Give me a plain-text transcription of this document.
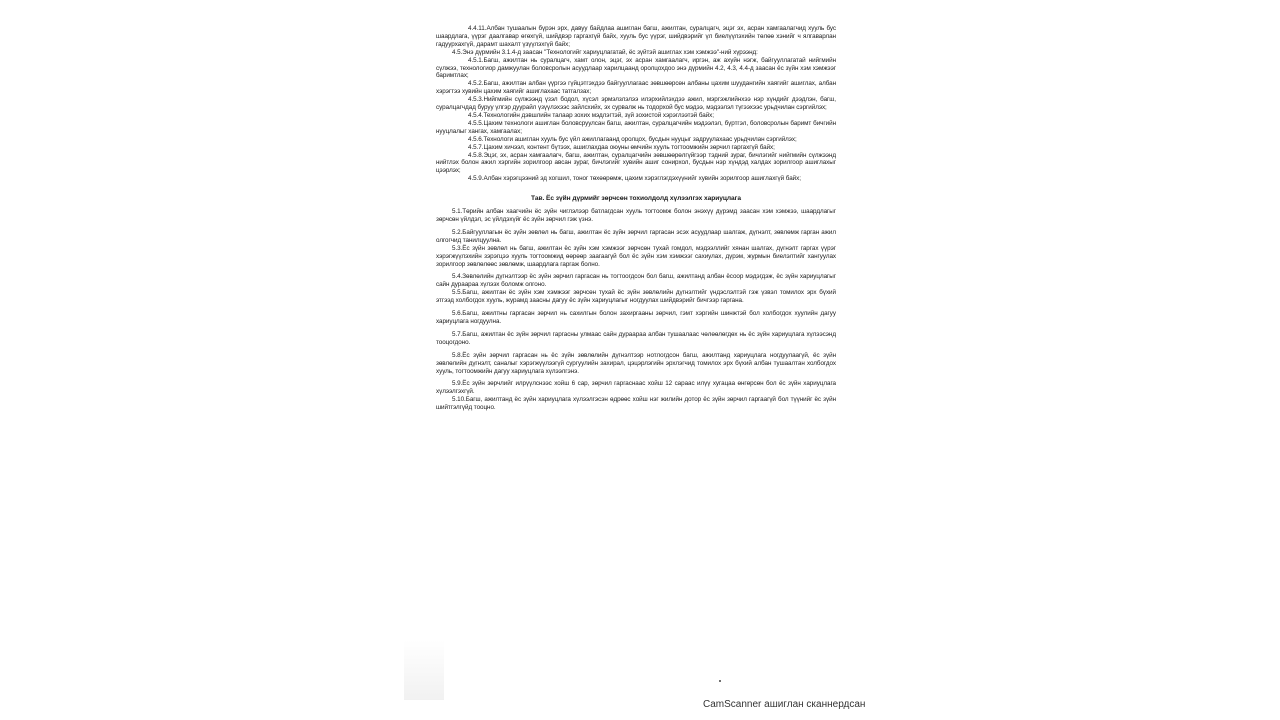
4.4.11.Албан тушаалын бүрэн эрх, давуу байдлаа ашиглан багш, ажилтан, суралцагч, эцэг эх, асран хамгаалагчид хууль бус шаардлага, үүрэг даалгавар өгөхгүй, шийдвэр гаргахгүй байх, хууль бус үүрэг, шийдвэрийг үл биелүүлэхийн төлөө хэнийг ч ялгаварлан гадуурхахгүй, дарамт шахалт үзүүлэхгүй байх;

4.5.Энэ дүрмийн 3.1.4-д заасан "Технологийг хариуцлагатай, ёс зүйтэй ашиглах хэм хэмжээ"-ний хүрээнд:

4.5.1.Багш, ажилтан нь суралцагч, хамт олон, эцэг, эх асран хамгаалагч, иргэн, аж ахуйн нэгж, байгууллагатай нийгмийн сүлжээ, технологиор дамжуулан боловсролын асуудлаар харилцаанд оролцохдоо энэ дүрмийн 4.2, 4.3, 4.4-д заасан ёс зүйн хэм хэмжээг баримтлах;

4.5.2.Багш, ажилтан албан үүргээ гүйцэтгэхдээ байгууллагаас зөвшөөрсөн албаны цахим шуудангийн хаягийг ашиглах, албан хэрэгтээ хувийн цахим хаягийг ашиглахаас татгалзах;

4.5.3.Нийгмийн сүлжээнд үзэл бодол, хүсэл эрмэлзлэлээ илэрхийлэхдээ ажил, мэргэжлийнхээ нэр хүндийг дээдлэн, багш, суралцагчдад буруу үлгэр дуурайл үзүүлэхээс зайлсхийх, эх сурвалж нь тодорхой бус мэдээ, мэдээлэл түгээхээс урьдчилан сэргийлэх;

4.5.4.Технологийн дэвшлийн талаар зохих мэдлэгтэй, зүй зохистой хэрэглээтэй байх;

4.5.5.Цахим технологи ашиглан боловсруулсан багш, ажилтан, суралцагчийн мэдээлэл, бүртгэл, боловсролын баримт бичгийн нууцлалыг хангах, хамгаалах;

4.5.6.Технологи ашиглан хууль бус үйл ажиллагаанд оролцох, бусдын нууцыг задруулахаас урьдчилан сэргийлэх;

4.5.7.Цахим хичээл, контент бүтээх, ашиглахдаа оюуны өмчийн хууль тогтоомжийн зөрчил гаргахгүй байх;

4.5.8.Эцэг, эх, асран хамгаалагч, багш, ажилтан, суралцагчийн зөвшөөрөлгүйгээр тэдний зураг, бичлэгийг нийгмийн сүлжээнд нийтлэх болон ажил хэргийн зорилгоор авсан зураг, бичлэгийг хувийн ашиг сонирхол, бусдын нэр хүндэд халдах зорилгоор ашиглахыг цээрлэх;

4.5.9.Албан хэрэгцээний эд хогшил, тоног төхөөрөмж, цахим хэрэглэгдэхүүнийг хувийн зорилгоор ашиглахгүй байх;

Тав. Ёс зүйн дүрмийг зөрчсөн тохиолдолд хүлээлгэх хариуцлага

5.1.Төрийн албан хаагчийн ёс зүйн чиглэлээр батлагдсан хууль тогтоомж болон энэхүү дүрэмд заасан хэм хэмжээ, шаардлагыг зөрчсөн үйлдэл, эс үйлдэхүйг ёс зүйн зөрчил гэж үзнэ.

5.2.Байгууллагын ёс зүйн зөвлөл нь багш, ажилтан ёс зүйн зөрчил гаргасан эсэх асуудлаар шалгаж, дүгнэлт, зөвлөмж гарган ажил олгогчид танилцуулна.

5.3.Ёс зүйн зөвлөл нь багш, ажилтан ёс зүйн хэм хэмжээг зөрчсөн тухай гомдол, мэдээллийг хянан шалгах, дүгнэлт гаргах үүрэг хэрэгжүүлэхийн зэрэгцээ хууль тогтоомжид өөрөөр заагаагүй бол ёс зүйн хэм хэмжээг сахиулах, дүрэм, журмын биелэлтийг хангуулах зорилгоор зөвлөлөөс зөвлөмж, шаардлага гаргаж болно.

5.4.Зөвлөлийн дүгнэлтээр ёс зүйн зөрчил гаргасан нь тогтоогдсон бол багш, ажилтанд албан ёсоор мэдэгдэж, ёс зүйн хариуцлагыг сайн дураараа хүлээх боломж олгоно.

5.5.Багш, ажилтан ёс зүйн хэм хэмжээг зөрчсөн тухай ёс зүйн зөвлөлийн дүгнэлтийг үндэслэлтэй гэж үзвэл томилох эрх бүхий этгээд холбогдох хууль, журамд заасны дагуу ёс зүйн хариуцлагыг ногдуулах шийдвэрийг бичгээр гаргана.

5.6.Багш, ажилтны гаргасан зөрчил нь сахилгын болон захиргааны зөрчил, гэмт хэргийн шинжтэй бол холбогдох хуулийн дагуу хариуцлага ногдуулна.

5.7.Багш, ажилтан ёс зүйн зөрчил гаргасны улмаас сайн дураараа албан тушаалаас чөлөөлөгдөх нь ёс зүйн хариуцлага хүлээсэнд тооцогдоно.

5.8.Ёс зүйн зөрчил гаргасан нь ёс зүйн зөвлөлийн дүгнэлтээр нотлогдсон багш, ажилтанд хариуцлага ногдуулаагүй, ёс зүйн зөвлөлийн дүгнэлт, саналыг хэрэгжүүлээгүй сургуулийн захирал, цэцэрлэгийн эрхлэгчид томилох эрх бүхий албан тушаалтан холбогдох хууль, тогтоомжийн дагуу хариуцлага хүлээлгэнэ.

5.9.Ёс зүйн зөрчлийг илрүүлснээс хойш 6 сар, зөрчил гаргаснаас хойш 12 сараас илүү хугацаа өнгөрсөн бол ёс зүйн хариуцлага хүлээлгэхгүй.

5.10.Багш, ажилтанд ёс зүйн хариуцлага хүлээлгэсэн өдрөөс хойш нэг жилийн дотор ёс зүйн зөрчил гаргаагүй бол түүнийг ёс зүйн шийтгэлгүйд тооцно.

CamScanner ашиглан сканнердсан
